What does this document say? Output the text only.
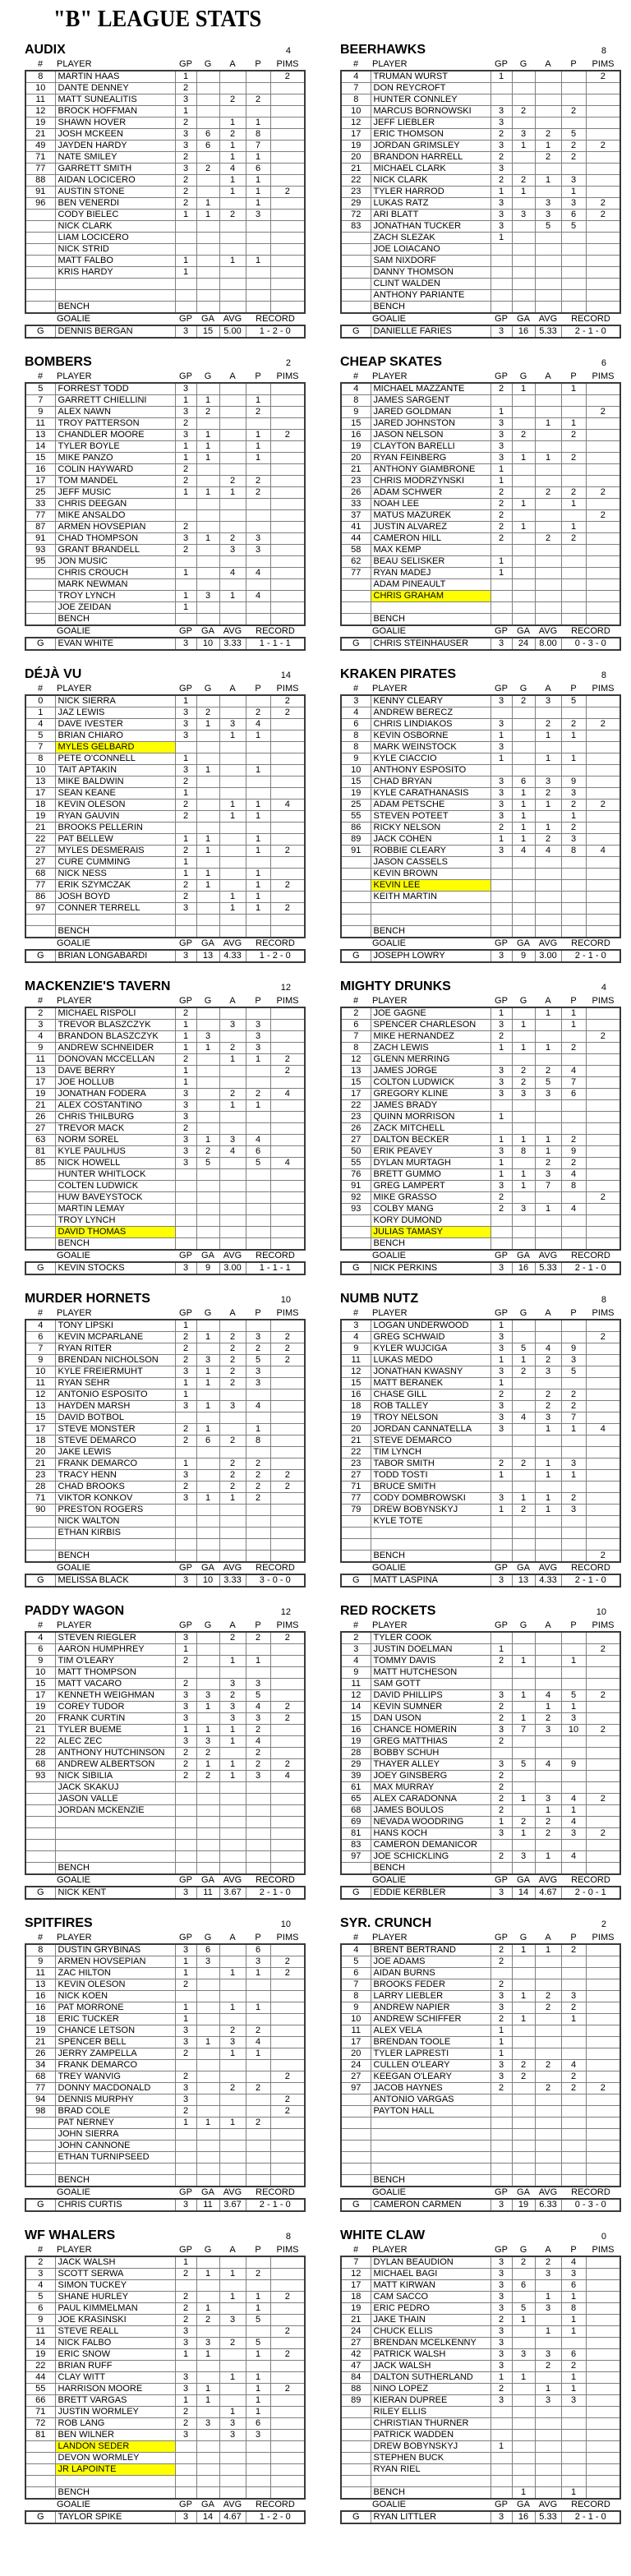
"B" LEAGUE STATS
AUDIX	4
#	PLAYER	GP	G	A	P	PIMS
8	MARTIN HAAS	1				2
10	DANTE DENNEY	2				
11	MATT SUNEALITIS	3		2	2	
12	BROCK HOFFMAN	1				
19	SHAWN HOVER	2		1	1	
21	JOSH MCKEEN	3	6	2	8	
49	JAYDEN HARDY	3	6	1	7	
71	NATE SMILEY	2		1	1	
77	GARRETT SMITH	3	2	4	6	
88	AIDAN LOCICERO	2		1	1	
91	AUSTIN STONE	2		1	1	2
96	BEN VENERDI	2	1		1	
	CODY BIELEC	1	1	2	3	
	NICK CLARK					
	LIAM LOCICERO					
	NICK STRID					
	MATT FALBO	1		1	1	
	KRIS HARDY	1				

	BENCH					
	GOALIE	GP	GA	AVG	RECORD	
G	DENNIS BERGAN	3	15	5.00	1 - 2 - 0	
BEERHAWKS	8
#	PLAYER	GP	G	A	P	PIMS
4	TRUMAN WURST	1				2
7	DON REYCROFT					
8	HUNTER CONNLEY					
10	MARCUS BORNOWSKI	3	2		2	
12	JEFF LIEBLER	3				
17	ERIC THOMSON	2	3	2	5	
19	JORDAN GRIMSLEY	3	1	1	2	2
20	BRANDON HARRELL	2		2	2	
21	MICHAEL CLARK	3				
22	NICK CLARK	2	2	1	3	
23	TYLER HARROD	1	1		1	
29	LUKAS RATZ	3		3	3	2
72	ARI BLATT	3	3	3	6	2
83	JONATHAN TUCKER	3		5	5	
	ZACH SLEZAK	1				
	JOE LOIACANO					
	SAM NIXDORF					
	DANNY THOMSON					
	CLINT WALDEN					
	ANTHONY PARIANTE					
	BENCH					
	GOALIE	GP	GA	AVG	RECORD	
G	DANIELLE FARIES	3	16	5.33	2 - 1 - 0	
BOMBERS	2
#	PLAYER	GP	G	A	P	PIMS
5	FORREST TODD	3				
7	GARRETT CHIELLINI	1	1		1	
9	ALEX NAWN	3	2		2	
11	TROY PATTERSON	2				
13	CHANDLER MOORE	3	1		1	2
14	TYLER BOYLE	1	1		1	
15	MIKE PANZO	1	1		1	
16	COLIN HAYWARD	2				
17	TOM MANDEL	2		2	2	
25	JEFF MUSIC	1	1	1	2	
33	CHRIS DEEGAN					
77	MIKE ANSALDO					
87	ARMEN HOVSEPIAN	2				
91	CHAD THOMPSON	3	1	2	3	
93	GRANT BRANDELL	2		3	3	
95	JON MUSIC					
	CHRIS CROUCH	1		4	4	
	MARK NEWMAN					
	TROY LYNCH	1	3	1	4	
	JOE ZEIDAN	1				
	BENCH					
	GOALIE	GP	GA	AVG	RECORD	
G	EVAN WHITE	3	10	3.33	1 - 1 - 1	
CHEAP SKATES	6
#	PLAYER	GP	G	A	P	PIMS
4	MICHAEL MAZZANTE	2	1		1	
8	JAMES SARGENT					
9	JARED GOLDMAN	1				2
15	JARED JOHNSTON	3		1	1	
16	JASON NELSON	3	2		2	
19	CLAYTON BARELLI	3				
20	RYAN FEINBERG	3	1	1	2	
21	ANTHONY GIAMBRONE	1				
23	CHRIS MODRZYNSKI	1				
26	ADAM SCHWER	2		2	2	2
33	NOAH LEE	2	1		1	
37	MATUS MAZUREK	2				2
41	JUSTIN ALVAREZ	2	1		1	
44	CAMERON HILL	2		2	2	
58	MAX KEMP					
62	BEAU SELISKER	1				
77	RYAN MADEJ	1				
	ADAM PINEAULT					
	CHRIS GRAHAM					

	BENCH					
	GOALIE	GP	GA	AVG	RECORD	
G	CHRIS STEINHAUSER	3	24	8.00	0 - 3 - 0	
DÉJÀ VU	14
#	PLAYER	GP	G	A	P	PIMS
0	NICK SIERRA	1				2
1	JAZ LEWIS	3	2		2	2
4	DAVE IVESTER	3	1	3	4	
5	BRIAN CHIARO	3		1	1	
7	MYLES GELBARD					
8	PETE O'CONNELL	1				
10	TAIT APTAKIN	3	1		1	
13	MIKE BALDWIN	2				
17	SEAN KEANE	1				
18	KEVIN OLESON	2		1	1	4
19	RYAN GAUVIN	2		1	1	
21	BROOKS PELLERIN					
22	PAT BELLEW	1	1		1	
27	MYLES DESMERAIS	2	1		1	2
27	CURE CUMMING	1				
68	NICK NESS	1	1		1	
77	ERIK SZYMCZAK	2	1		1	2
86	JOSH BOYD	2		1	1	
97	CONNER TERRELL	3		1	1	2

	BENCH					
	GOALIE	GP	GA	AVG	RECORD	
G	BRIAN LONGABARDI	3	13	4.33	1 - 2 - 0	
KRAKEN PIRATES	8
#	PLAYER	GP	G	A	P	PIMS
3	KENNY CLEARY	3	2	3	5	
4	ANDREW BERECZ					
6	CHRIS LINDIAKOS	3		2	2	2
8	KEVIN OSBORNE	1		1	1	
8	MARK WEINSTOCK	3				
9	KYLE CIACCIO	1		1	1	
10	ANTHONY ESPOSITO					
15	CHAD BRYAN	3	6	3	9	
19	KYLE CARATHANASIS	3	1	2	3	
25	ADAM PETSCHE	3	1	1	2	2
55	STEVEN POTEET	3	1		1	
86	RICKY NELSON	2	1	1	2	
89	JACK COHEN	1	1	2	3	
91	ROBBIE CLEARY	3	4	4	8	4
	JASON CASSELS					
	KEVIN BROWN					
	KEVIN LEE					
	KEITH MARTIN					

	BENCH					
	GOALIE	GP	GA	AVG	RECORD	
G	JOSEPH LOWRY	3	9	3.00	2 - 1 - 0	
MACKENZIE'S TAVERN	12
#	PLAYER	GP	G	A	P	PIMS
2	MICHAEL RISPOLI	2				
3	TREVOR BLASZCZYK	1		3	3	
4	BRANDON BLASZCZYK	1	3		3	
9	ANDREW SCHNEIDER	1	1	2	3	
11	DONOVAN MCCELLAN	2		1	1	2
13	DAVE BERRY	1				2
17	JOE HOLLUB	1				
19	JONATHAN FODERA	3		2	2	4
21	ALEX COSTANTINO	3		1	1	
26	CHRIS THILBURG	3				
27	TREVOR MACK	2				
63	NORM SOREL	3	1	3	4	
81	KYLE PAULHUS	3	2	4	6	
85	NICK HOWELL	3	5		5	4
	HUNTER WHITLOCK					
	COLTEN LUDWICK					
	HUW BAVEYSTOCK					
	MARTIN LEMAY					
	TROY LYNCH					
	DAVID THOMAS					
	BENCH					
	GOALIE	GP	GA	AVG	RECORD	
G	KEVIN STOCKS	3	9	3.00	1 - 1 - 1	
MIGHTY DRUNKS	4
#	PLAYER	GP	G	A	P	PIMS
2	JOE GAGNE	1		1	1	
6	SPENCER CHARLESON	3	1		1	
7	MIKE HERNANDEZ	2				2
8	ZACH LEWIS	1	1	1	2	
12	GLENN MERRING					
13	JAMES JORGE	3	2	2	4	
15	COLTON LUDWICK	3	2	5	7	
17	GREGORY KLINE	3	3	3	6	
22	JAMES BRADY					
23	QUINN MORRISON	1				
26	ZACK MITCHELL					
27	DALTON BECKER	1	1	1	2	
50	ERIK PEAVEY	3	8	1	9	
55	DYLAN MURTAGH	1		2	2	
76	BRETT GUMMO	1	1	3	4	
91	GREG LAMPERT	3	1	7	8	
92	MIKE GRASSO	2				2
93	COLBY MANG	2	3	1	4	
	KORY DUMOND					
	JULIAS TAMASY					
	BENCH					
	GOALIE	GP	GA	AVG	RECORD	
G	NICK PERKINS	3	16	5.33	2 - 1 - 0	
MURDER HORNETS	10
#	PLAYER	GP	G	A	P	PIMS
4	TONY LIPSKI	1				
6	KEVIN MCPARLANE	2	1	2	3	2
7	RYAN RITER	2		2	2	2
9	BRENDAN NICHOLSON	2	3	2	5	2
10	KYLE FREIERMUHT	3	1	2	3	
11	RYAN SEHR	1	1	2	3	
12	ANTONIO ESPOSITO	1				
13	HAYDEN MARSH	3	1	3	4	
15	DAVID BOTBOL					
17	STEVE MONSTER	2	1		1	
18	STEVE DEMARCO	2	6	2	8	
20	JAKE LEWIS					
21	FRANK DEMARCO	1		2	2	
23	TRACY HENN	3		2	2	2
28	CHAD BROOKS	2		2	2	2
71	VIKTOR KONKOV	3	1	1	2	
90	PRESTON ROGERS					
	NICK WALTON					
	ETHAN KIRBIS					

	BENCH					
	GOALIE	GP	GA	AVG	RECORD	
G	MELISSA BLACK	3	10	3.33	3 - 0 - 0	
NUMB NUTZ	8
#	PLAYER	GP	G	A	P	PIMS
3	LOGAN UNDERWOOD	1				
4	GREG SCHWAID	3				2
9	KYLER WUJCIGA	3	5	4	9	
11	LUKAS MEDO	1	1	2	3	
12	JONATHAN KWASNY	3	2	3	5	
15	MATT BERANEK	1				
16	CHASE GILL	2		2	2	
18	ROB TALLEY	3		2	2	
19	TROY NELSON	3	4	3	7	
20	JORDAN CANNATELLA	3		1	1	4
21	STEVE DEMARCO					
22	TIM LYNCH					
23	TABOR SMITH	2	2	1	3	
27	TODD TOSTI	1		1	1	
71	BRUCE SMITH					
77	CODY DOMBROWSKI	3	1	1	2	
79	DREW BOBYNSKYJ	1	2	1	3	
	KYLE TOTE					

	BENCH					2
	GOALIE	GP	GA	AVG	RECORD	
G	MATT LASPINA	3	13	4.33	2 - 1 - 0	
PADDY WAGON	12
#	PLAYER	GP	G	A	P	PIMS
4	STEVEN RIEGLER	3		2	2	2
6	AARON HUMPHREY	1				
9	TIM O'LEARY	2		1	1	
10	MATT THOMPSON					
15	MATT VACARO	2		3	3	
17	KENNETH WEIGHMAN	3	3	2	5	
19	COREY TUDOR	3	1	3	4	2
20	FRANK CURTIN	3		3	3	2
21	TYLER BUEME	1	1	1	2	
22	ALEC ZEC	3	3	1	4	
28	ANTHONY HUTCHINSON	2	2		2	
68	ANDREW ALBERTSON	2	1	1	2	2
93	NICK SIBILIA	2	2	1	3	4
	JACK SKAKUJ					
	JASON VALLE					
	JORDAN MCKENZIE					

	BENCH					
	GOALIE	GP	GA	AVG	RECORD	
G	NICK KENT	3	11	3.67	2 - 1 - 0	
RED ROCKETS	10
#	PLAYER	GP	G	A	P	PIMS
2	TYLER COOK					
3	JUSTIN DOELMAN	1				2
4	TOMMY DAVIS	2	1		1	
9	MATT HUTCHESON					
11	SAM GOTT					
12	DAVID PHILLIPS	3	1	4	5	2
14	KEVIN SUMNER	2		1	1	
15	DAN USON	2	1	2	3	
16	CHANCE HOMERIN	3	7	3	10	2
19	GREG MATTHIAS	2				
28	BOBBY SCHUH					
29	THAYER ALLEY	3	5	4	9	
39	JOEY GINSBERG	2				
61	MAX MURRAY	2				
65	ALEX CARADONNA	2	1	3	4	2
68	JAMES BOULOS	2		1	1	
69	NEVADA WOODRING	1	2	2	4	
81	HANS KOCH	3	1	2	3	2
83	CAMERON DEMANICOR					
97	JOE SCHICKLING	2	3	1	4	
	BENCH					
	GOALIE	GP	GA	AVG	RECORD	
G	EDDIE KERBLER	3	14	4.67	2 - 0 - 1	
SPITFIRES	10
#	PLAYER	GP	G	A	P	PIMS
8	DUSTIN GRYBINAS	3	6		6	
9	ARMEN HOVSEPIAN	1	3		3	2
11	ZAC HILTON	1		1	1	2
13	KEVIN OLESON	2				
16	NICK KOEN					
16	PAT MORRONE	1		1	1	
18	ERIC TUCKER	1				
19	CHANCE LETSON	3		2	2	
21	SPENCER BELL	3	1	3	4	
26	JERRY ZAMPELLA	2		1	1	
34	FRANK DEMARCO					
68	TREY WANVIG	2				2
77	DONNY MACDONALD	3		2	2	
94	DENNIS MURPHY	3				2
98	BRAD COLE	2				2
	PAT NERNEY	1	1	1	2	
	JOHN SIERRA					
	JOHN CANNONE					
	ETHAN TURNIPSEED					

	BENCH					
	GOALIE	GP	GA	AVG	RECORD	
G	CHRIS CURTIS	3	11	3.67	2 - 1 - 0	
SYR. CRUNCH	2
#	PLAYER	GP	G	A	P	PIMS
4	BRENT BERTRAND	2	1	1	2	
5	JOE ADAMS	2				
6	AIDAN BURNS					
7	BROOKS FEDER	2				
8	LARRY LIEBLER	3	1	2	3	
9	ANDREW NAPIER	3		2	2	
10	ANDREW SCHIFFER	2	1		1	
11	ALEX VELA	1				
17	BRENDAN TOOLE	1				
20	TYLER LAPRESTI	1				
24	CULLEN O'LEARY	3	2	2	4	
27	KEEGAN O'LEARY	3	2		2	
97	JACOB HAYNES	2		2	2	2
	ANTONIO VARGAS					
	PAYTON HALL					

	BENCH					
	GOALIE	GP	GA	AVG	RECORD	
G	CAMERON CARMEN	3	19	6.33	0 - 3 - 0	
WF WHALERS	8
#	PLAYER	GP	G	A	P	PIMS
2	JACK WALSH	1				
3	SCOTT SERWA	2	1	1	2	
4	SIMON TUCKEY					
5	SHANE HURLEY	2		1	1	2
6	PAUL KIMMELMAN	2	1		1	
9	JOE KRASINSKI	2	2	3	5	
11	STEVE REALL	3				2
14	NICK FALBO	3	3	2	5	
19	ERIC SNOW	1	1		1	2
22	BRIAN RUFF					
44	CLAY WITT	3		1	1	
55	HARRISON MOORE	3	1		1	2
66	BRETT VARGAS	1	1		1	
71	JUSTIN WORMLEY	2		1	1	
72	ROB LANG	2	3	3	6	
81	BEN WILNER	3		3	3	
	LANDON SEDER					
	DEVON WORMLEY					
	JR LAPOINTE					

	BENCH					
	GOALIE	GP	GA	AVG	RECORD	
G	TAYLOR SPIKE	3	14	4.67	1 - 2 - 0	
WHITE CLAW	0
#	PLAYER	GP	G	A	P	PIMS
7	DYLAN BEAUDION	3	2	2	4	
12	MICHAEL BAGI	3		3	3	
17	MATT KIRWAN	3	6		6	
18	CAM SACCO	3		1	1	
19	ERIC PEDRO	3	5	3	8	
21	JAKE THAIN	2	1		1	
24	CHUCK ELLIS	3		1	1	
27	BRENDAN MCELKENNY	3				
42	PATRICK WALSH	3	3	3	6	
47	JACK WALSH	3		2	2	
84	DALTON SUTHERLAND	1	1		1	
88	NINO LOPEZ	2		1	1	
89	KIERAN DUPREE	3		3	3	
	RILEY ELLIS					
	CHRISTIAN THURNER					
	PATRICK WADDEN					
	DREW BOBYNSKYJ	1				
	STEPHEN BUCK					
	RYAN RIEL					

	BENCH		1		1	
	GOALIE	GP	GA	AVG	RECORD	
G	RYAN LITTLER	3	16	5.33	2 - 1 - 0	
